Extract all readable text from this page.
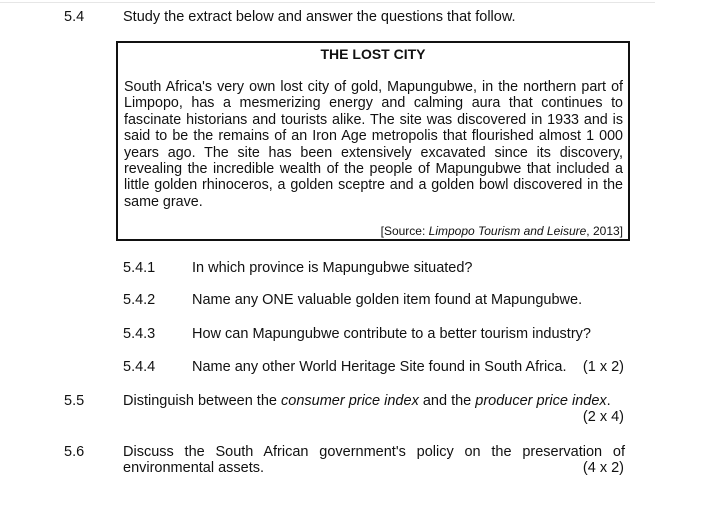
5.4	Study the extract below and answer the questions that follow.
THE LOST CITY
South Africa's very own lost city of gold, Mapungubwe, in the northern part of Limpopo, has a mesmerizing energy and calming aura that continues to fascinate historians and tourists alike. The site was discovered in 1933 and is said to be the remains of an Iron Age metropolis that flourished almost 1 000 years ago. The site has been extensively excavated since its discovery, revealing the incredible wealth of the people of Mapungubwe that included a little golden rhinoceros, a golden sceptre and a golden bowl discovered in the same grave.
[Source: Limpopo Tourism and Leisure, 2013]
5.4.1	In which province is Mapungubwe situated?
5.4.2	Name any ONE valuable golden item found at Mapungubwe.
5.4.3	How can Mapungubwe contribute to a better tourism industry?
5.4.4	Name any other World Heritage Site found in South Africa. (1 x 2)
5.5	Distinguish between the consumer price index and the producer price index.
(2 x 4)
5.6	Discuss the South African government's policy on the preservation of
environmental assets.	(4 x 2)
